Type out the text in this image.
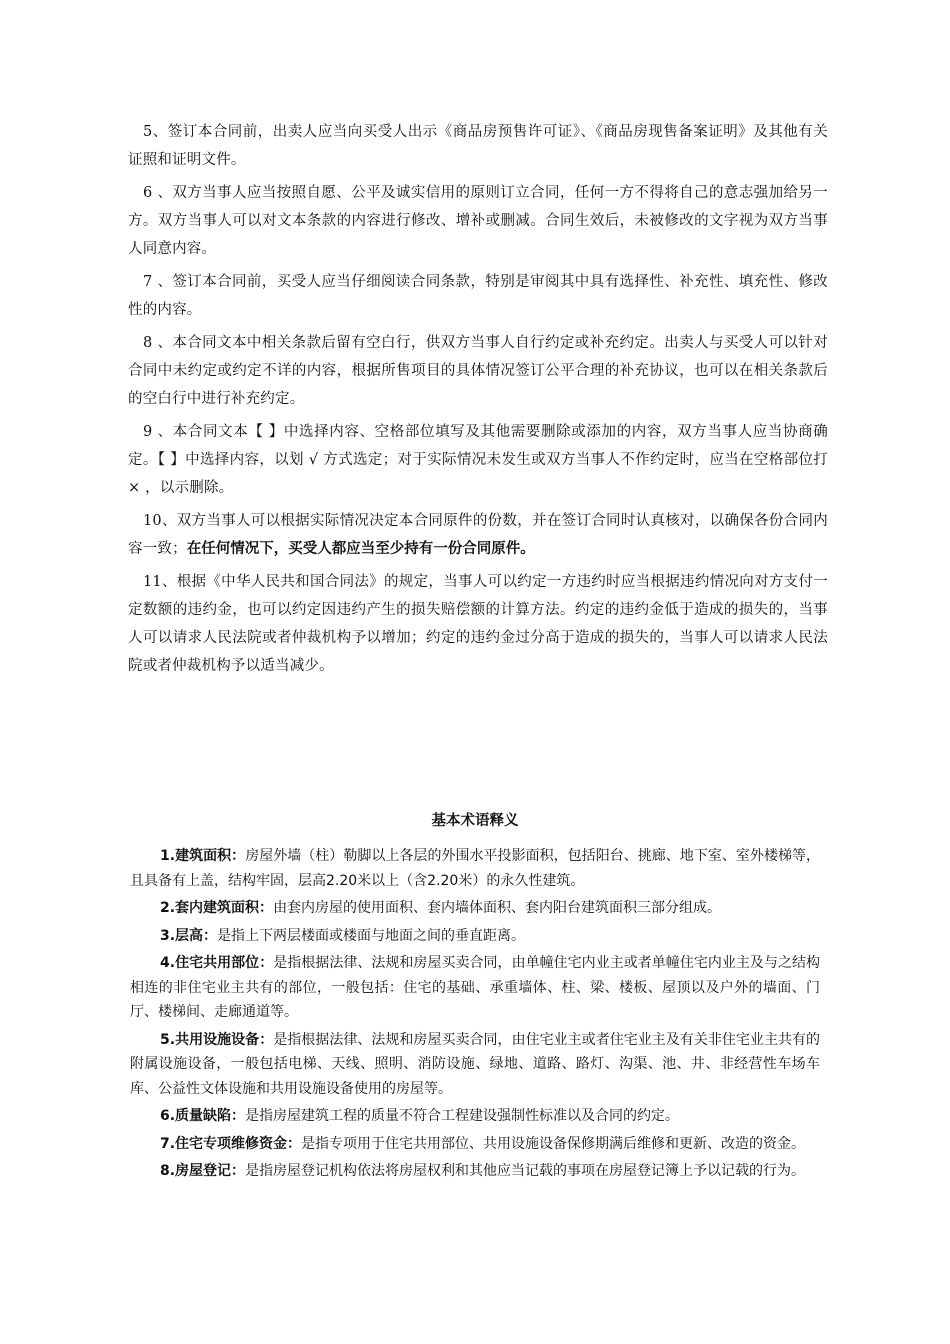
5、签订本合同前，出卖人应当向买受人出示《商品房预售许可证》、《商品房现售备案证明》及其他有关证照和证明文件。

6 、双方当事人应当按照自愿、公平及诚实信用的原则订立合同，任何一方不得将自己的意志强加给另一方。双方当事人可以对文本条款的内容进行修改、增补或删减。合同生效后，未被修改的文字视为双方当事人同意内容。

7 、签订本合同前，买受人应当仔细阅读合同条款，特别是审阅其中具有选择性、补充性、填充性、修改性的内容。

8 、本合同文本中相关条款后留有空白行，供双方当事人自行约定或补充约定。出卖人与买受人可以针对合同中未约定或约定不详的内容，根据所售项目的具体情况签订公平合理的补充协议，也可以在相关条款后的空白行中进行补充约定。

9 、本合同文本【 】中选择内容、空格部位填写及其他需要删除或添加的内容，双方当事人应当协商确定。【 】中选择内容，以划 √ 方式选定；对于实际情况未发生或双方当事人不作约定时，应当在空格部位打 × ，以示删除。

10、双方当事人可以根据实际情况决定本合同原件的份数，并在签订合同时认真核对，以确保各份合同内容一致；在任何情况下，买受人都应当至少持有一份合同原件。

11、根据《中华人民共和国合同法》的规定，当事人可以约定一方违约时应当根据违约情况向对方支付一定数额的违约金，也可以约定因违约产生的损失赔偿额的计算方法。约定的违约金低于造成的损失的，当事人可以请求人民法院或者仲裁机构予以增加；约定的违约金过分高于造成的损失的，当事人可以请求人民法院或者仲裁机构予以适当减少。

基本术语释义

1.建筑面积：房屋外墙（柱）勒脚以上各层的外围水平投影面积，包括阳台、挑廊、地下室、室外楼梯等，且具备有上盖，结构牢固，层高2.20米以上（含2.20米）的永久性建筑。

2.套内建筑面积：由套内房屋的使用面积、套内墙体面积、套内阳台建筑面积三部分组成。

3.层高：是指上下两层楼面或楼面与地面之间的垂直距离。

4.住宅共用部位：是指根据法律、法规和房屋买卖合同，由单幢住宅内业主或者单幢住宅内业主及与之结构相连的非住宅业主共有的部位，一般包括：住宅的基础、承重墙体、柱、梁、楼板、屋顶以及户外的墙面、门厅、楼梯间、走廊通道等。

5.共用设施设备：是指根据法律、法规和房屋买卖合同，由住宅业主或者住宅业主及有关非住宅业主共有的附属设施设备，一般包括电梯、天线、照明、消防设施、绿地、道路、路灯、沟渠、池、井、非经营性车场车库、公益性文体设施和共用设施设备使用的房屋等。

6.质量缺陷：是指房屋建筑工程的质量不符合工程建设强制性标准以及合同的约定。

7.住宅专项维修资金：是指专项用于住宅共用部位、共用设施设备保修期满后维修和更新、改造的资金。

8.房屋登记：是指房屋登记机构依法将房屋权利和其他应当记载的事项在房屋登记簿上予以记载的行为。
